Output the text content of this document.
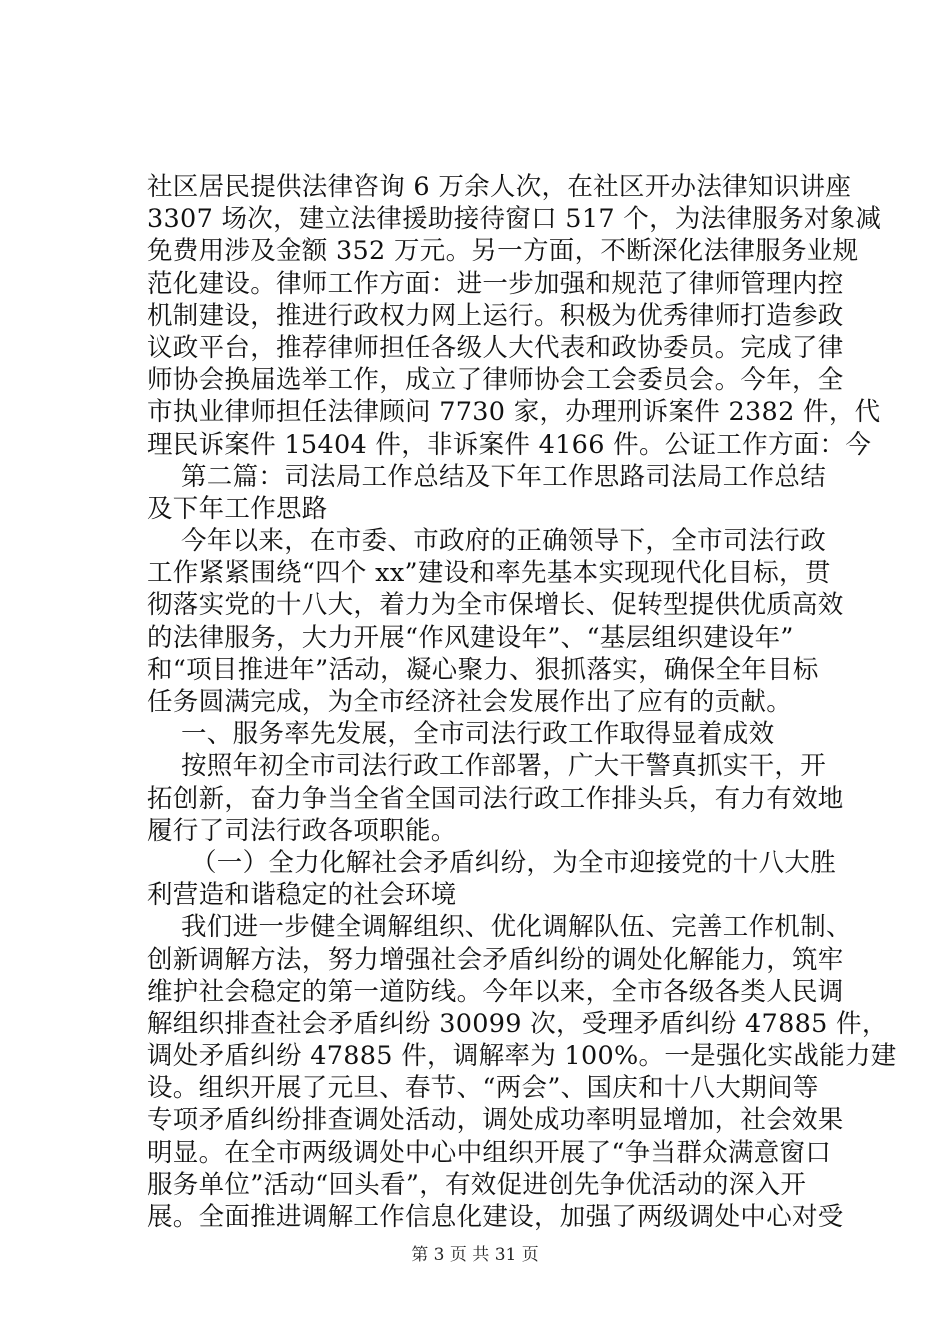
社区居民提供法律咨询 6 万余人次，在社区开办法律知识讲座
3307 场次，建立法律援助接待窗口 517 个，为法律服务对象减
免费用涉及金额 352 万元。另一方面，不断深化法律服务业规
范化建设。律师工作方面：进一步加强和规范了律师管理内控
机制建设，推进行政权力网上运行。积极为优秀律师打造参政
议政平台，推荐律师担任各级人大代表和政协委员。完成了律
师协会换届选举工作，成立了律师协会工会委员会。今年，全
市执业律师担任法律顾问 7730 家，办理刑诉案件 2382 件，代
理民诉案件 15404 件，非诉案件 4166 件。公证工作方面：今
第二篇：司法局工作总结及下年工作思路司法局工作总结
及下年工作思路
今年以来，在市委、市政府的正确领导下，全市司法行政
工作紧紧围绕“四个 xx”建设和率先基本实现现代化目标，贯
彻落实党的十八大，着力为全市保增长、促转型提供优质高效
的法律服务，大力开展“作风建设年”、“基层组织建设年”
和“项目推进年”活动，凝心聚力、狠抓落实，确保全年目标
任务圆满完成，为全市经济社会发展作出了应有的贡献。
一、服务率先发展，全市司法行政工作取得显着成效
按照年初全市司法行政工作部署，广大干警真抓实干，开
拓创新，奋力争当全省全国司法行政工作排头兵，有力有效地
履行了司法行政各项职能。
（一）全力化解社会矛盾纠纷，为全市迎接党的十八大胜
利营造和谐稳定的社会环境
我们进一步健全调解组织、优化调解队伍、完善工作机制、
创新调解方法，努力增强社会矛盾纠纷的调处化解能力，筑牢
维护社会稳定的第一道防线。今年以来，全市各级各类人民调
解组织排查社会矛盾纠纷 30099 次，受理矛盾纠纷 47885 件，
调处矛盾纠纷 47885 件，调解率为 100%。一是强化实战能力建
设。组织开展了元旦、春节、“两会”、国庆和十八大期间等
专项矛盾纠纷排查调处活动，调处成功率明显增加，社会效果
明显。在全市两级调处中心中组织开展了“争当群众满意窗口
服务单位”活动“回头看”，有效促进创先争优活动的深入开
展。全面推进调解工作信息化建设，加强了两级调处中心对受
第 3 页 共 31 页
